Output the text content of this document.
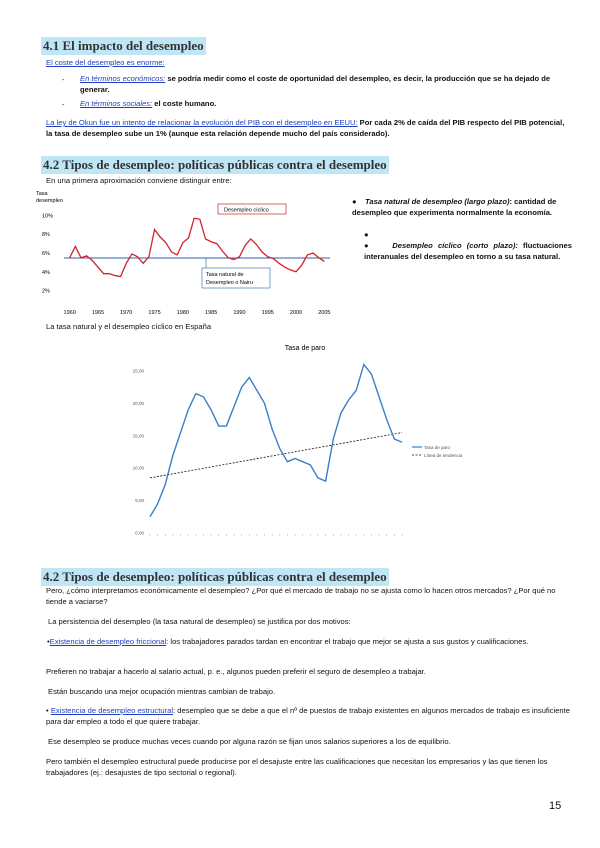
4.1 El impacto del desempleo
El coste del desempleo es enorme:
- En términos económicos: se podría medir como el coste de oportunidad del desempleo, es decir, la producción que se ha dejado de generar.
- En términos sociales: el coste humano.
La ley de Okun fue un intento de relacionar la evolución del PIB con el desempleo en EEUU: Por cada 2% de caída del PIB respecto del PIB potencial, la tasa de desempleo sube un 1% (aunque esta relación depende mucho del país considerado).
4.2 Tipos de desempleo: políticas públicas contra el desempleo
En una primera aproximación conviene distinguir entre:
Tasa
desempleo
10%
8%
6%
4%
2%
1960	1965	1970	1975	1980	1985	1990	1995	2000	2005
Desempleo cíclico
Tasa natural de
Desempleo o Nairu
●    Tasa natural de desempleo (largo plazo): cantidad de desempleo que experimenta normalmente la economía.
●
●    Desempleo cíclico (corto plazo): fluctuaciones interanuales del desempleo en torno a su tasa natural.
La tasa natural y el desempleo cíclico en España
Tasa de paro
25,00
20,00
15,00
10,00
5,00
0,00
Tasa de paro
Línea de tendencia
4.2 Tipos de desempleo: políticas públicas contra el desempleo
Pero, ¿cómo interpretamos económicamente el desempleo? ¿Por qué el mercado de trabajo no se ajusta como lo hacen otros mercados? ¿Por qué no tiende a vaciarse?
La persistencia del desempleo (la tasa natural de desempleo) se justifica por dos motivos:
•Existencia de desempleo friccional: los trabajadores parados tardan en encontrar el trabajo que mejor se ajusta a sus gustos y cualificaciones.
Prefieren no trabajar a hacerlo al salario actual, p. e., algunos pueden preferir el seguro de desempleo a trabajar.
Están buscando una mejor ocupación mientras cambian de trabajo.
• Existencia de desempleo estructural: desempleo que se debe a que el nº de puestos de trabajo existentes en algunos mercados de trabajo es insuficiente para dar empleo a todo el que quiere trabajar.
Ese desempleo se produce muchas veces cuando por alguna razón se fijan unos salarios superiores a los de equilibrio.
Pero también el desempleo estructural puede producirse por el desajuste entre las cualificaciones que necesitan los empresarios y las que tienen los trabajadores (ej.: desajustes de tipo sectorial o regional).
15
